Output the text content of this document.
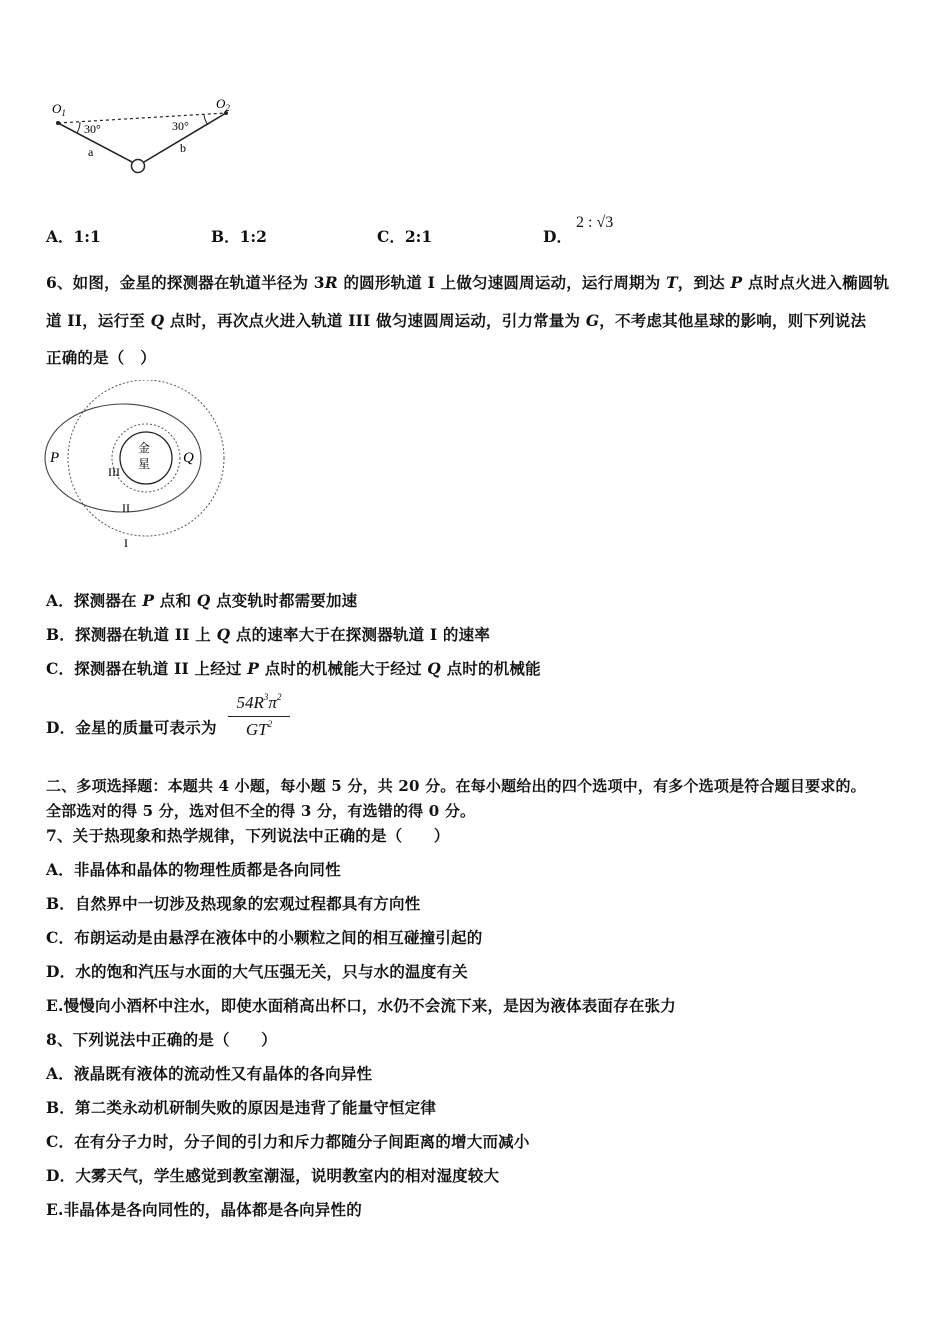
$O_1$
$O_2$
30°	30°
a	b
A．1:1	B．1:2	C．2:1	D．
2 : √3
6、如图，金星的探测器在轨道半径为 3R 的圆形轨道 I 上做匀速圆周运动，运行周期为 T，到达 P 点时点火进入椭圆轨
道 II，运行至 Q 点时，再次点火进入轨道 III 做匀速圆周运动，引力常量为 G，不考虑其他星球的影响，则下列说法
正确的是（　）
金
星
P	Q
III
II
I
A．探测器在 P 点和 Q 点变轨时都需要加速
B．探测器在轨道 II 上 Q 点的速率大于在探测器轨道 I 的速率
C．探测器在轨道 II 上经过 P 点时的机械能大于经过 Q 点时的机械能
D．金星的质量可表示为 $\frac{54R^3\pi^2}{GT^2}$
二、多项选择题：本题共 4 小题，每小题 5 分，共 20 分。在每小题给出的四个选项中，有多个选项是符合题目要求的。
全部选对的得 5 分，选对但不全的得 3 分，有选错的得 0 分。
7、关于热现象和热学规律，下列说法中正确的是（　　）
A．非晶体和晶体的物理性质都是各向同性
B．自然界中一切涉及热现象的宏观过程都具有方向性
C．布朗运动是由悬浮在液体中的小颗粒之间的相互碰撞引起的
D．水的饱和汽压与水面的大气压强无关，只与水的温度有关
E.慢慢向小酒杯中注水，即使水面稍高出杯口，水仍不会流下来，是因为液体表面存在张力
8、下列说法中正确的是（　　）
A．液晶既有液体的流动性又有晶体的各向异性
B．第二类永动机研制失败的原因是违背了能量守恒定律
C．在有分子力时，分子间的引力和斥力都随分子间距离的增大而减小
D．大雾天气，学生感觉到教室潮湿，说明教室内的相对湿度较大
E.非晶体是各向同性的，晶体都是各向异性的
